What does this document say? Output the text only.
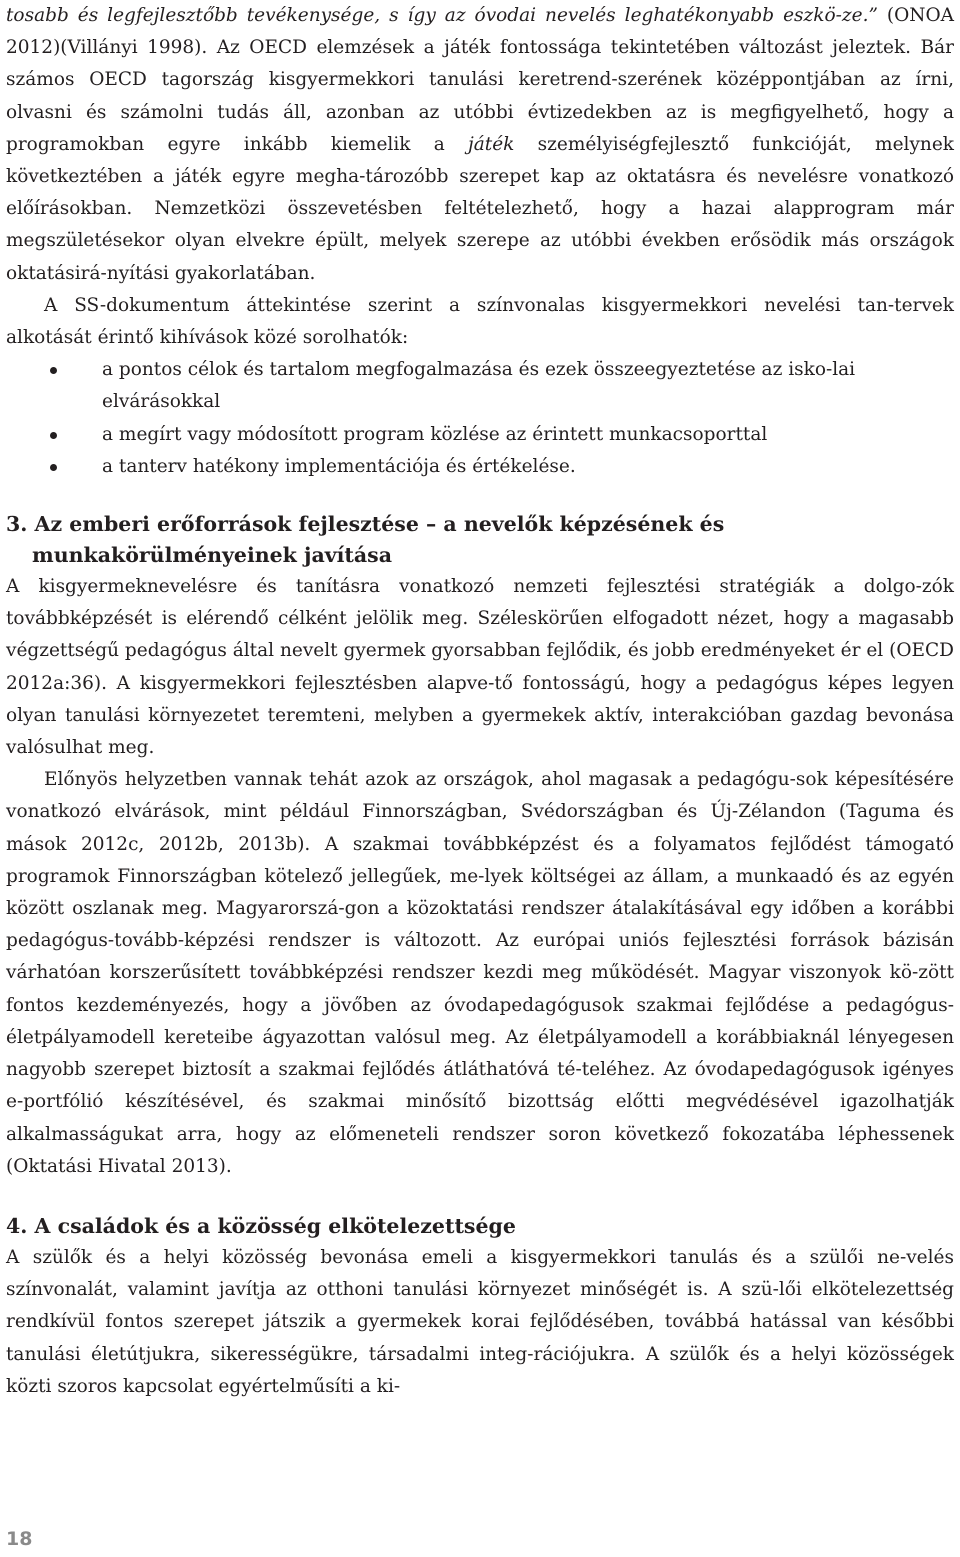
tosabb és legfejlesztőbb tevékenysége, s így az óvodai nevelés leghatékonyabb eszkö-ze.” (ONOA 2012)(Villányi 1998). Az OECD elemzések a játék fontossága tekintetében változást jeleztek. Bár számos OECD tagország kisgyermekkori tanulási keretrend-szerének középpontjában az írni, olvasni és számolni tudás áll, azonban az utóbbi évtizedekben az is megfigyelhető, hogy a programokban egyre inkább kiemelik a játék személyiségfejlesztő funkcióját, melynek következtében a játék egyre megha-tározóbb szerepet kap az oktatásra és nevelésre vonatkozó előírásokban. Nemzetközi összevetésben feltételezhető, hogy a hazai alapprogram már megszületésekor olyan elvekre épült, melyek szerepe az utóbbi években erősödik más országok oktatásirá-nyítási gyakorlatában.

A SS-dokumentum áttekintése szerint a színvonalas kisgyermekkori nevelési tan-tervek alkotását érintő kihívások közé sorolhatók:

a pontos célok és tartalom megfogalmazása és ezek összeegyeztetése az isko-lai elvárásokkal
a megírt vagy módosított program közlése az érintett munkacsoporttal
a tanterv hatékony implementációja és értékelése.
3. Az emberi erőforrások fejlesztése – a nevelők képzésének és munkakörülményeinek javítása

A kisgyermeknevelésre és tanításra vonatkozó nemzeti fejlesztési stratégiák a dolgo-zók továbbképzését is elérendő célként jelölik meg. Széleskörűen elfogadott nézet, hogy a magasabb végzettségű pedagógus által nevelt gyermek gyorsabban fejlődik, és jobb eredményeket ér el (OECD 2012a:36). A kisgyermekkori fejlesztésben alapve-tő fontosságú, hogy a pedagógus képes legyen olyan tanulási környezetet teremteni, melyben a gyermekek aktív, interakcióban gazdag bevonása valósulhat meg.

Előnyös helyzetben vannak tehát azok az országok, ahol magasak a pedagógu-sok képesítésére vonatkozó elvárások, mint például Finnországban, Svédországban és Új-Zélandon (Taguma és mások 2012c, 2012b, 2013b). A szakmai továbbképzést és a folyamatos fejlődést támogató programok Finnországban kötelező jellegűek, me-lyek költségei az állam, a munkaadó és az egyén között oszlanak meg. Magyarorszá-gon a közoktatási rendszer átalakításával egy időben a korábbi pedagógus-tovább-képzési rendszer is változott. Az európai uniós fejlesztési források bázisán várhatóan korszerűsített továbbképzési rendszer kezdi meg működését. Magyar viszonyok kö-zött fontos kezdeményezés, hogy a jövőben az óvodapedagógusok szakmai fejlődése a pedagógus-életpályamodell kereteibe ágyazottan valósul meg. Az életpályamodell a korábbiaknál lényegesen nagyobb szerepet biztosít a szakmai fejlődés átláthatóvá té-teléhez. Az óvodapedagógusok igényes e-portfólió készítésével, és szakmai minősítő bizottság előtti megvédésével igazolhatják alkalmasságukat arra, hogy az előmeneteli rendszer soron következő fokozatába léphessenek (Oktatási Hivatal 2013).

4. A családok és a közösség elkötelezettsége

A szülők és a helyi közösség bevonása emeli a kisgyermekkori tanulás és a szülői ne-velés színvonalát, valamint javítja az otthoni tanulási környezet minőségét is. A szü-lői elkötelezettség rendkívül fontos szerepet játszik a gyermekek korai fejlődésében, továbbá hatással van későbbi tanulási életútjukra, sikerességükre, társadalmi integ-rációjukra. A szülők és a helyi közösségek közti szoros kapcsolat egyértelműsíti a ki-

18
